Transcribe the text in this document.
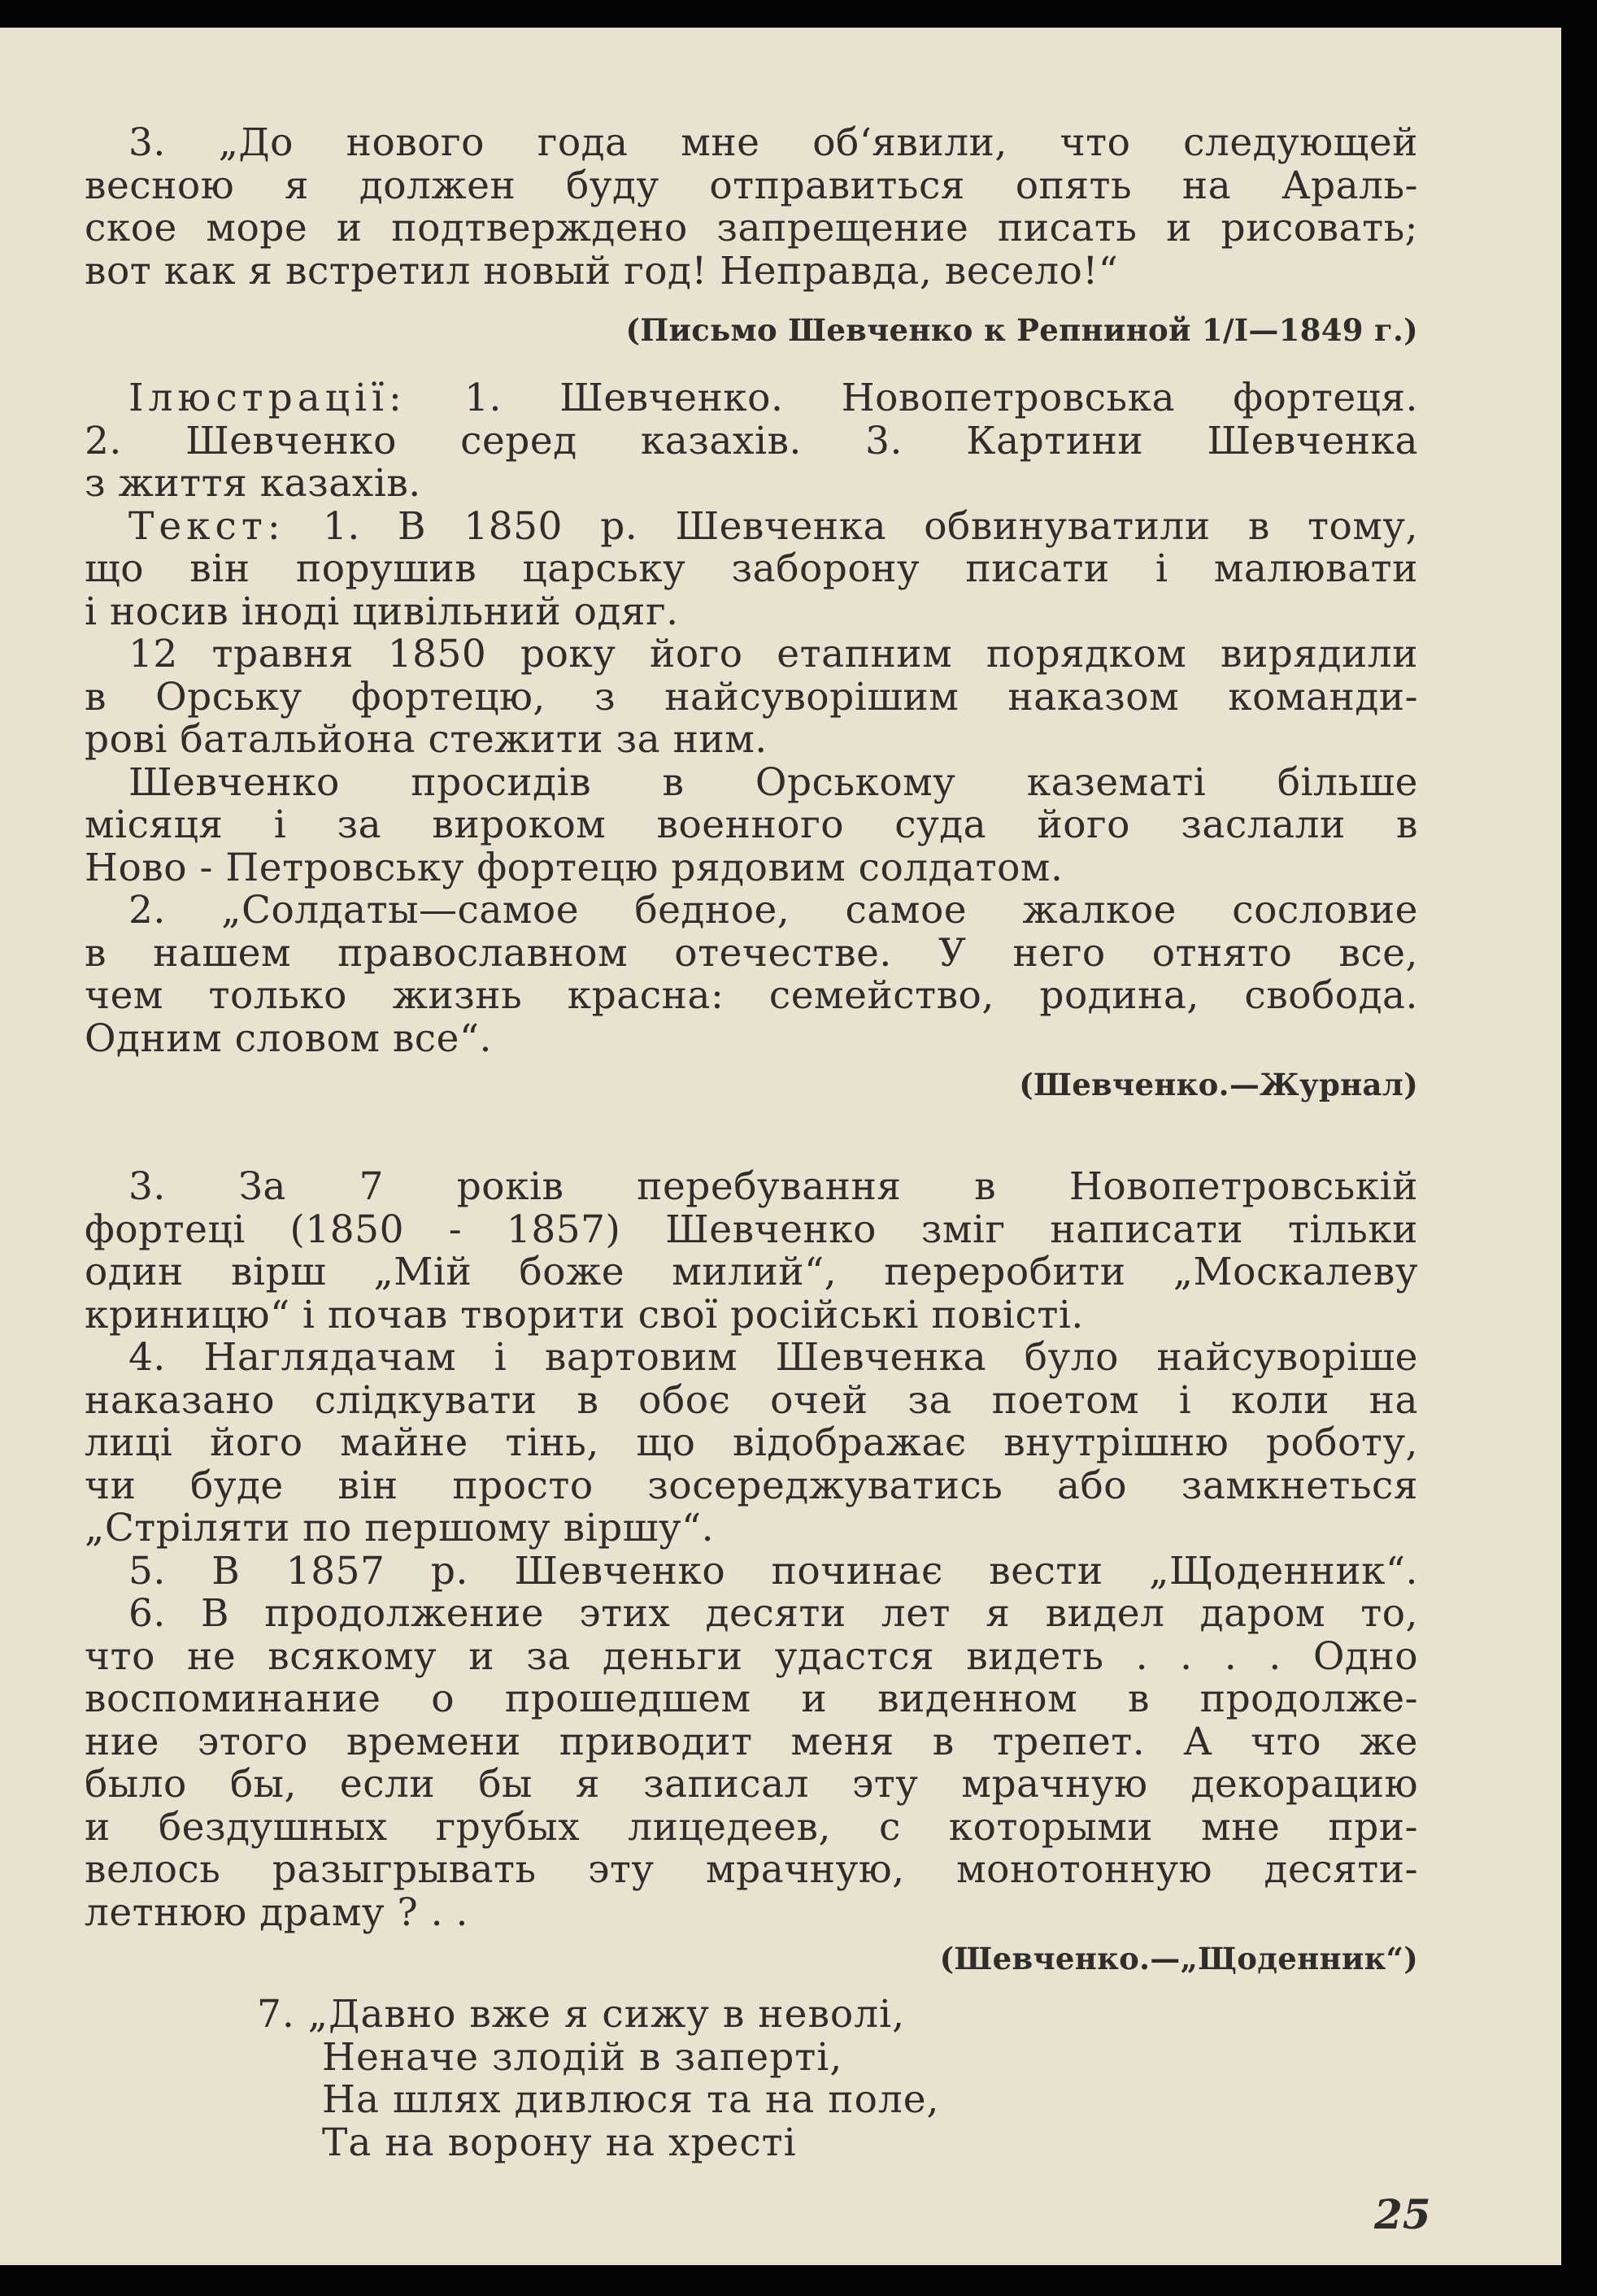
3. „До нового года мне об‘явили, что следующей
веснoю я должен буду отправиться опять на Араль-
ское море и подтверждено запрещение писать и рисовать;
вот как я встретил новый год! Неправда, весело!“
(Письмо Шевченко к Репниной 1/I—1849 г.)
Ілюстрації: 1. Шевченко. Новопетровська фортеця.
2. Шевченко серед казахів. 3. Картини Шевченка
з життя казахів.
Текст: 1. В 1850 р. Шевченка обвинуватили в тому,
що він порушив царську заборону писати і малювати
і носив іноді цивільний одяг.
12 травня 1850 року його етапним порядком вирядили
в Орську фортецю, з найсуворішим наказом команди-
рові батальйона стежити за ним.
Шевченко просидів в Орському казематі більше
місяця і за вироком военного суда його заслали в
Ново - Петровську фортецю рядовим солдатом.
2. „Солдаты—самое бедное, самое жалкое сословие
в нашем православном отечестве. У него отнято все,
чем только жизнь красна: семейство, родина, свобода.
Одним словом все“.
(Шевченко.—Журнал)
3. За 7 років перебування в Новопетровській
фортеці (1850 - 1857) Шевченко зміг написати тільки
один вірш „Мій боже милий“, переробити „Москалеву
криницю“ і почав творити свої російські повісті.
4. Наглядачам і вартовим Шевченка було найсуворіше
наказано слідкувати в обоє очей за поетом і коли на
лиці його майне тінь, що відображає внутрішню роботу,
чи буде він просто зосереджуватись або замкнеться
„Стріляти по першому віршу“.
5. В 1857 р. Шевченко починає вести „Щоденник“.
6. В продолжение этих десяти лет я видел даром то,
что не всякому и за деньги удастся видеть . . . . Одно
воспоминание о прошедшем и виденном в продолже-
ние этого времени приводит меня в трепет. А что же
было бы, если бы я записал эту мрачную декорацию
и бездушных грубых лицедеев, с которыми мне при-
велось разыгрывать эту мрачную, монотонную десяти-
летнюю драму ? . .
(Шевченко.—„Щоденник“)
7. „Давно вже я сижу в неволі,
Неначе злодій в заперті,
На шлях дивлюся та на поле,
Та на ворону на хресті
25
